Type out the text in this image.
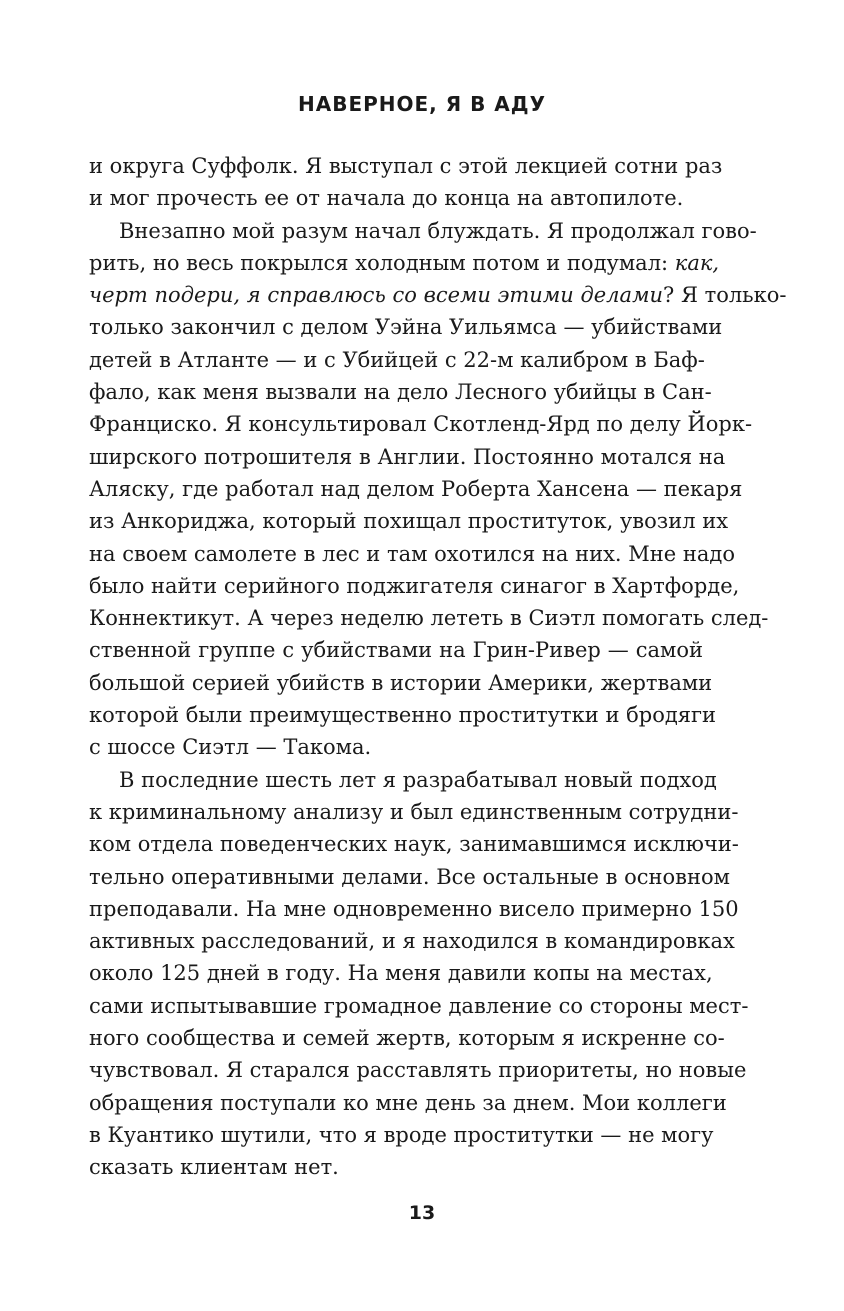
НАВЕРНОЕ, Я В АДУ
и округа Суффолк. Я выступал с этой лекцией сотни раз
и мог прочесть ее от начала до конца на автопилоте.
Внезапно мой разум начал блуждать. Я продолжал гово-
рить, но весь покрылся холодным потом и подумал: как,
черт подери, я справлюсь со всеми этими делами? Я только-
только закончил с делом Уэйна Уильямса — убийствами
детей в Атланте — и с Убийцей с 22-м калибром в Баф-
фало, как меня вызвали на дело Лесного убийцы в Сан-
Франциско. Я консультировал Скотленд-Ярд по делу Йорк-
ширского потрошителя в Англии. Постоянно мотался на
Аляску, где работал над делом Роберта Хансена — пекаря
из Анкориджа, который похищал проституток, увозил их
на своем самолете в лес и там охотился на них. Мне надо
было найти серийного поджигателя синагог в Хартфорде,
Коннектикут. А через неделю лететь в Сиэтл помогать след-
ственной группе с убийствами на Грин-Ривер — самой
большой серией убийств в истории Америки, жертвами
которой были преимущественно проститутки и бродяги
с шоссе Сиэтл — Такома.
В последние шесть лет я разрабатывал новый подход
к криминальному анализу и был единственным сотрудни-
ком отдела поведенческих наук, занимавшимся исключи-
тельно оперативными делами. Все остальные в основном
преподавали. На мне одновременно висело примерно 150
активных расследований, и я находился в командировках
около 125 дней в году. На меня давили копы на местах,
сами испытывавшие громадное давление со стороны мест-
ного сообщества и семей жертв, которым я искренне со-
чувствовал. Я старался расставлять приоритеты, но новые
обращения поступали ко мне день за днем. Мои коллеги
в Куантико шутили, что я вроде проститутки — не могу
сказать клиентам нет.
13
